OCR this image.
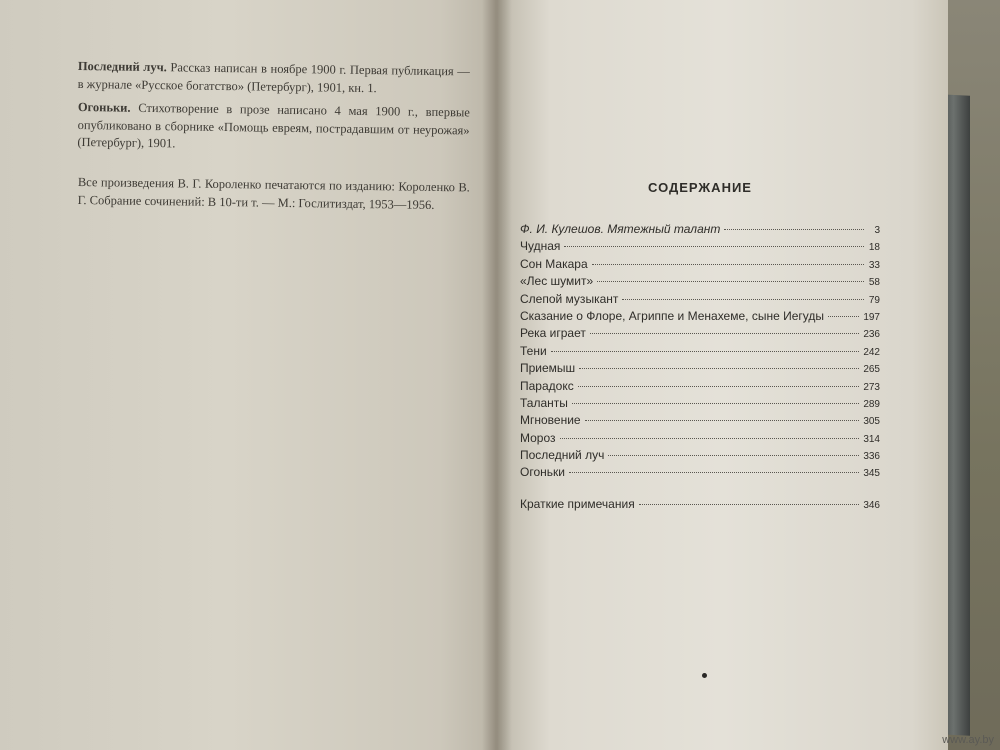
Последний луч. Рассказ написан в ноябре 1900 г. Первая публикация — в журнале «Русское богатство» (Петербург), 1901, кн. 1.

Огоньки. Стихотворение в прозе написано 4 мая 1900 г., впервые опубликовано в сборнике «Помощь евреям, пострадавшим от неурожая» (Петербург), 1901.

Все произведения В. Г. Короленко печатаются по изданию: Короленко В. Г. Собрание сочинений: В 10-ти т. — М.: Гослитиздат, 1953—1956.

СОДЕРЖАНИЕ
Ф. И. Кулешов. Мятежный талант	3
Чудная	18
Сон Макара	33
«Лес шумит»	58
Слепой музыкант	79
Сказание о Флоре, Агриппе и Менахеме, сыне Иегуды	197
Река играет	236
Тени	242
Приемыш	265
Парадокс	273
Таланты	289
Мгновение	305
Мороз	314
Последний луч	336
Огоньки	345
Краткие примечания	346
www.ay.by
